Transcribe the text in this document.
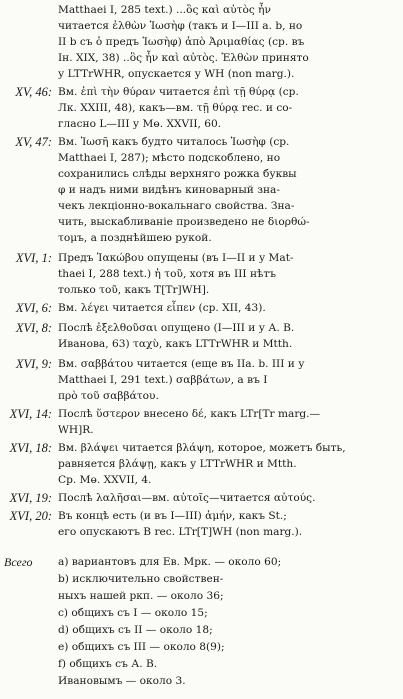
Matthaei I, 285 text.) ...ὃς καὶ αὐτὸς ἦν
читается ἐλθὼν Ἰωσὴφ (такъ и I—III а. b, но
II b съ ὁ предъ Ἰωσὴφ) ἀπὸ Ἀριμαθίας (ср. въ
Iн. XIX, 38) ..ὃς ἦν καὶ αὐτὸς. Ἐλθὼν принято
у LTTrWHR, опускается у WH (non marg.).
XV, 46: Вм. ἐπὶ τὴν θύραν читается ἐπὶ τῇ θύρᾳ (ср.
Лк. XXIII, 48), какъ—вм. τῇ θύρᾳ rec. и со-
гласно L—III у Мө. XXVII, 60.
XV, 47: Вм. Ἰωσῆ какъ будто читалось Ἰωσὴφ (ср.
Matthaei I, 287); мѣсто подскоблено, но
сохранились слѣды верхняго рожка буквы
φ и надъ ними видѣнъ киноварный зна-
чекъ лекціонно-вокальнаго свойства. Зна-
чить, выскабливаніе произведено не διορθώ-
τομъ, а позднѣйшею рукой.
XVI, 1: Предъ Ἰακώβου опущены (въ I—II и у Mat-
thaei I, 288 text.) ἡ τοῦ, хотя въ III нѣтъ
только τοῦ, какъ T[Tr]WH].
XVI, 6: Вм. λέγει читается εἶπεν (ср. XII, 43).
XVI, 8: Послѣ ἐξελθοῦσαι опущено (I—III и у А. В.
Иванова, 63) ταχὺ, какъ LTTrWHR и Mtth.
XVI, 9: Вм. σαββάτου читается (еще въ IIa. b. III и у
Matthaei I, 291 text.) σαββάτων, а въ I
πρὸ τοῦ σαββάτου.
XVI, 14: Послѣ ὕστερον внесено δέ, какъ LTr[Tr marg.—
WH]R.
XVI, 18: Вм. βλάψει читается βλάψη, которое, можетъ быть,
равняется βλάψῃ, какъ у LTTrWHR и Mtth.
Ср. Мө. XXVII, 4.
XVI, 19: Послѣ λαλῆσαι—вм. αὐτοῖς—читается αὐτούς.
XVI, 20: Въ концѣ есть (и въ I—III) ἀμήν, какъ St.;
его опускаютъ В rec. LTr[T]WH (non marg.).
Всего	а) вариантовъ для Ев. Мрк. — около 60;
b) исключительно свойствен-
ныхъ нашей ркп. — около 36;
c) общихъ съ I — около 15;
d) общихъ съ II — около 18;
e) общихъ съ III — около 8(9);
f) общихъ съ А. В.
Ивановымъ — около 3.
